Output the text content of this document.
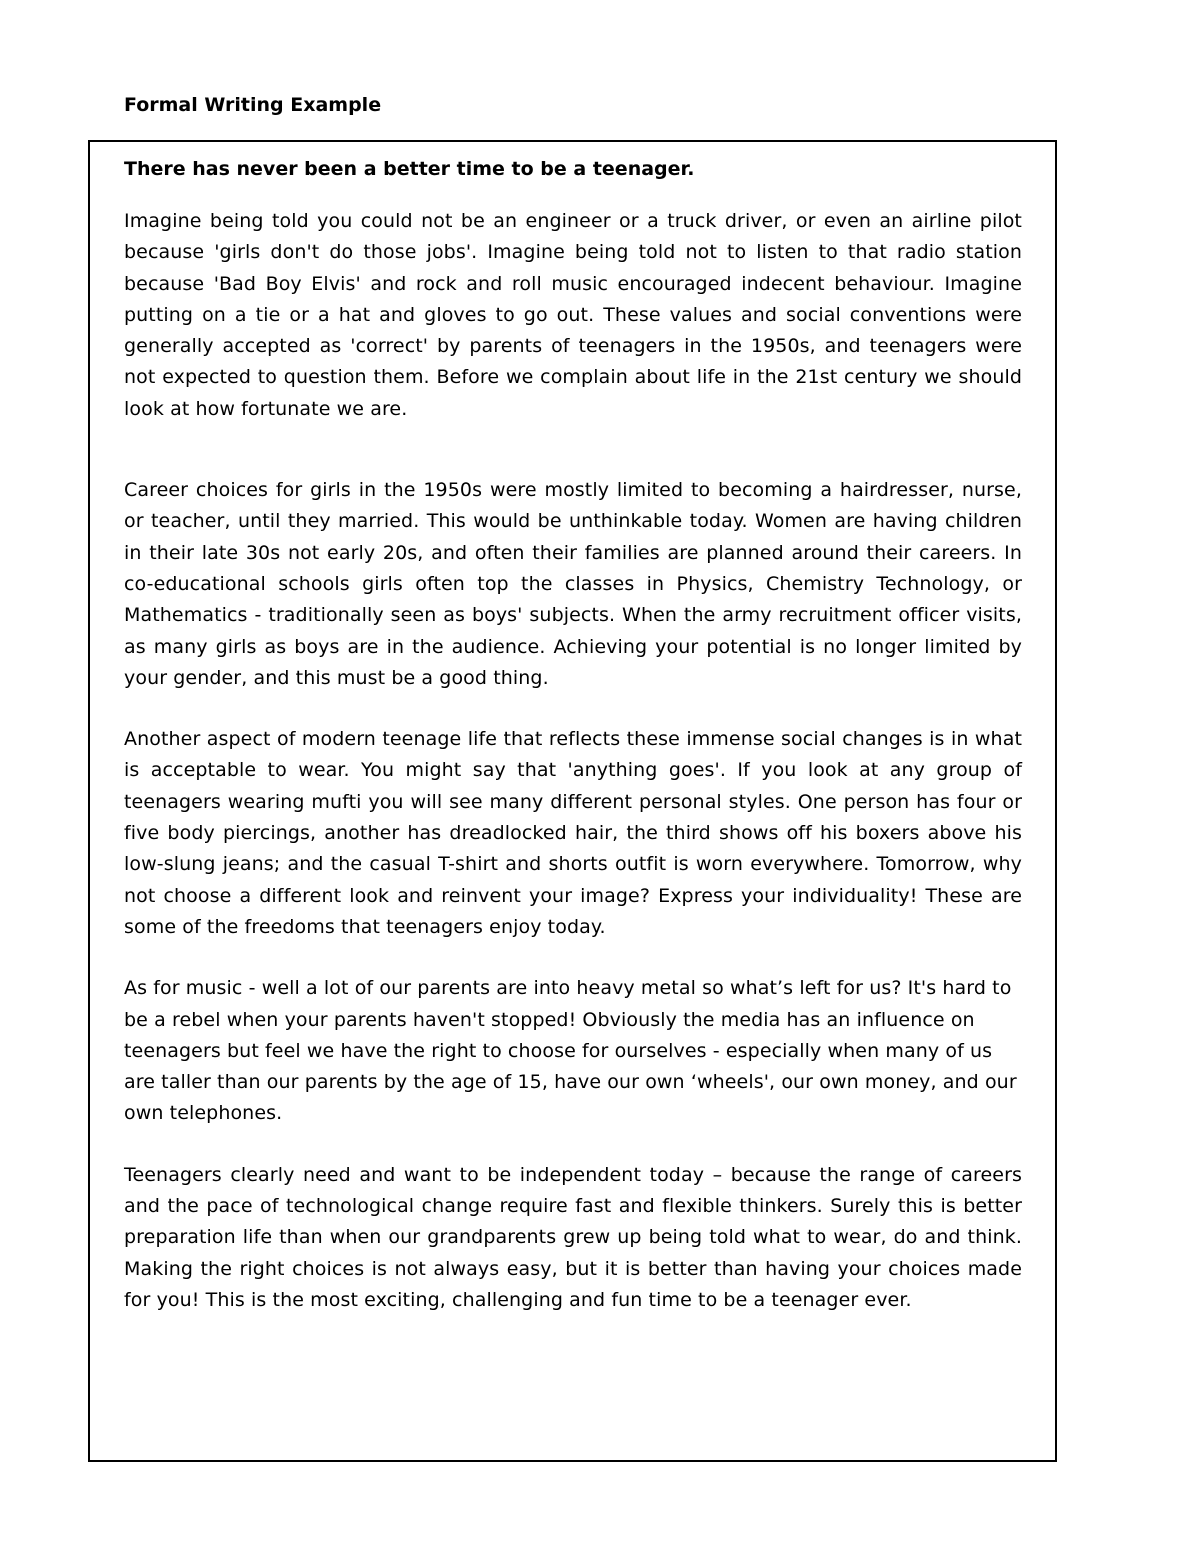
Formal Writing Example

There has never been a better time to be a teenager.

Imagine being told you could not be an engineer or a truck driver, or even an airline pilot because 'girls don't do those jobs'. Imagine being told not to listen to that radio station because 'Bad Boy Elvis' and rock and roll music encouraged indecent behaviour. Imagine putting on a tie or a hat and gloves to go out. These values and social conventions were generally accepted as 'correct' by parents of teenagers in the 1950s, and teenagers were not expected to question them. Before we complain about life in the 21st century we should look at how fortunate we are.

Career choices for girls in the 1950s were mostly limited to becoming a hairdresser, nurse, or teacher, until they married. This would be unthinkable today. Women are having children in their late 30s not early 20s, and often their families are planned around their careers. In co-educational schools girls often top the classes in Physics, Chemistry Technology, or Mathematics - traditionally seen as boys' subjects. When the army recruitment officer visits, as many girls as boys are in the audience. Achieving your potential is no longer limited by your gender, and this must be a good thing.

Another aspect of modern teenage life that reflects these immense social changes is in what is acceptable to wear. You might say that 'anything goes'. If you look at any group of teenagers wearing mufti you will see many different personal styles. One person has four or five body piercings, another has dreadlocked hair, the third shows off his boxers above his low-slung jeans; and the casual T-shirt and shorts outfit is worn everywhere. Tomorrow, why not choose a different look and reinvent your image? Express your individuality! These are some of the freedoms that teenagers enjoy today.

As for music - well a lot of our parents are into heavy metal so what’s left for us? It's hard to be a rebel when your parents haven't stopped! Obviously the media has an influence on teenagers but feel we have the right to choose for ourselves - especially when many of us are taller than our parents by the age of 15, have our own ‘wheels', our own money, and our own telephones.

Teenagers clearly need and want to be independent today – because the range of careers and the pace of technological change require fast and flexible thinkers. Surely this is better preparation life than when our grandparents grew up being told what to wear, do and think. Making the right choices is not always easy, but it is better than having your choices made for you! This is the most exciting, challenging and fun time to be a teenager ever.
